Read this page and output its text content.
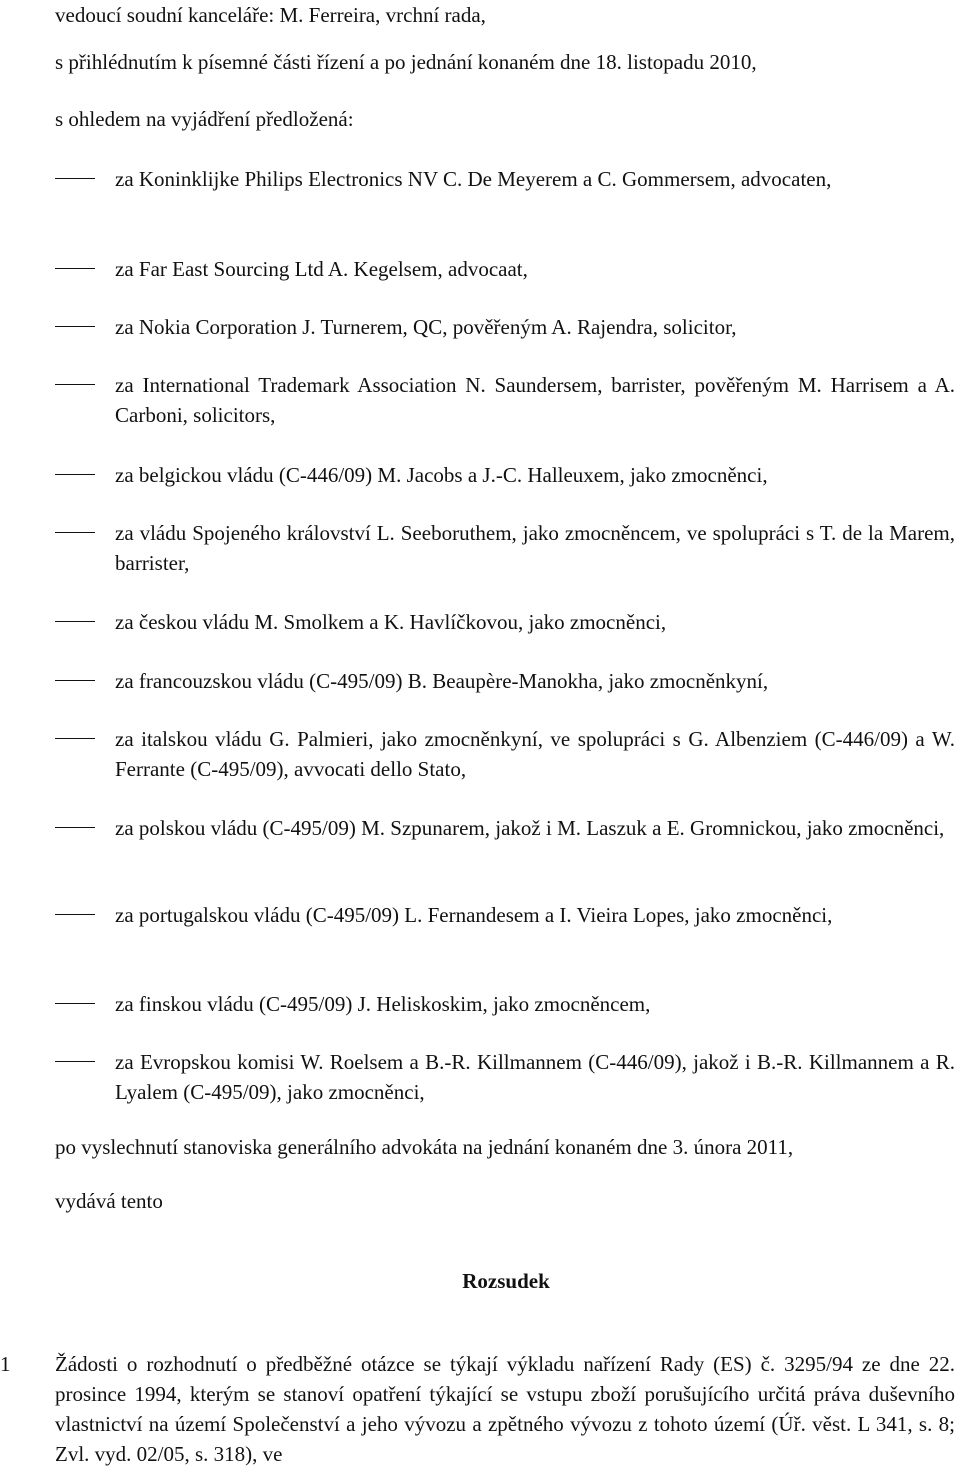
vedoucí soudní kanceláře: M. Ferreira, vrchní rada,
s přihlédnutím k písemné části řízení a po jednání konaném dne 18. listopadu 2010,
s ohledem na vyjádření předložená:
za Koninklijke Philips Electronics NV C. De Meyerem a C. Gommersem, advocaten,
za Far East Sourcing Ltd A. Kegelsem, advocaat,
za Nokia Corporation J. Turnerem, QC, pověřeným A. Rajendra, solicitor,
za International Trademark Association N. Saundersem, barrister, pověřeným M. Harrisem a A. Carboni, solicitors,
za belgickou vládu (C-446/09) M. Jacobs a J.-C. Halleuxem, jako zmocněnci,
za vládu Spojeného království L. Seeboruthem, jako zmocněncem, ve spolupráci s T. de la Marem, barrister,
za českou vládu M. Smolkem a K. Havlíčkovou, jako zmocněnci,
za francouzskou vládu (C-495/09) B. Beaupère-Manokha, jako zmocněnkyní,
za italskou vládu G. Palmieri, jako zmocněnkyní, ve spolupráci s G. Albenziem (C-446/09) a W. Ferrante (C-495/09), avvocati dello Stato,
za polskou vládu (C-495/09) M. Szpunarem, jakož i M. Laszuk a E. Gromnickou, jako zmocněnci,
za portugalskou vládu (C-495/09) L. Fernandesem a I. Vieira Lopes, jako zmocněnci,
za finskou vládu (C-495/09) J. Heliskoskim, jako zmocněncem,
za Evropskou komisi W. Roelsem a B.-R. Killmannem (C-446/09), jakož i B.-R. Killmannem a R. Lyalem (C-495/09), jako zmocněnci,
po vyslechnutí stanoviska generálního advokáta na jednání konaném dne 3. února 2011,
vydává tento
Rozsudek
1 Žádosti o rozhodnutí o předběžné otázce se týkají výkladu nařízení Rady (ES) č. 3295/94 ze dne 22. prosince 1994, kterým se stanoví opatření týkající se vstupu zboží porušujícího určitá práva duševního vlastnictví na území Společenství a jeho vývozu a zpětného vývozu z tohoto území (Úř. věst. L 341, s. 8; Zvl. vyd. 02/05, s. 318), ve
